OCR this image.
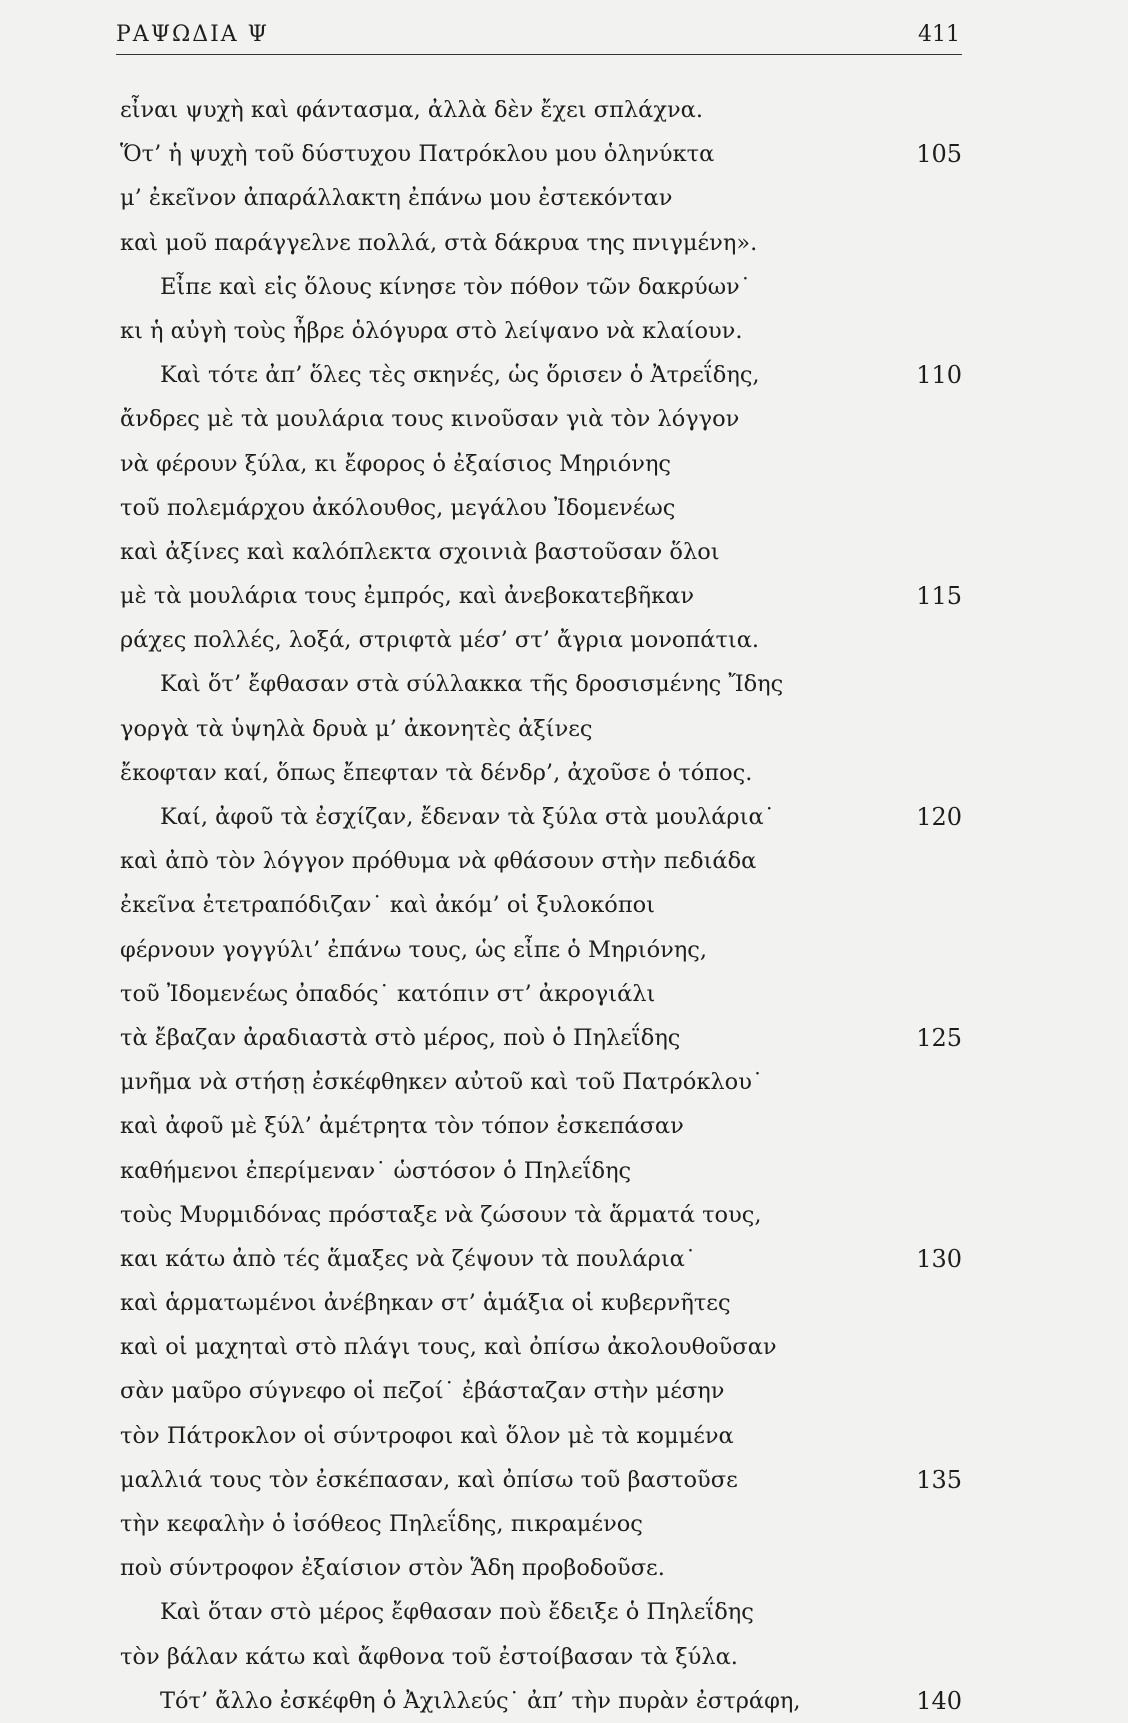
ΡΑΨΩΔΙΑ Ψ	411
εἶναι ψυχὴ καὶ φάντασμα, ἀλλὰ δὲν ἔχει σπλάχνα.
Ὅτ’ ἡ ψυχὴ τοῦ δύστυχου Πατρόκλου μου ὁληνύκτα	105
μ’ ἐκεῖνον ἀπαράλλακτη ἐπάνω μου ἐστεκόνταν
καὶ μοῦ παράγγελνε πολλά, στὰ δάκρυα της πνιγμένη».
Εἶπε καὶ εἰς ὅλους κίνησε τὸν πόθον τῶν δακρύων˙
κι ἡ αὐγὴ τοὺς ἦβρε ὁλόγυρα στὸ λείψανο νὰ κλαίουν.
Καὶ τότε ἀπ’ ὅλες τὲς σκηνές, ὡς ὅρισεν ὁ Ἀτρεΐδης,	110
ἄνδρες μὲ τὰ μουλάρια τους κινοῦσαν γιὰ τὸν λόγγον
νὰ φέρουν ξύλα, κι ἔφορος ὁ ἐξαίσιος Μηριόνης
τοῦ πολεμάρχου ἀκόλουθος, μεγάλου Ἰδομενέως
καὶ ἀξίνες καὶ καλόπλεκτα σχοινιὰ βαστοῦσαν ὅλοι
μὲ τὰ μουλάρια τους ἐμπρός, καὶ ἀνεβοκατεβῆκαν	115
ράχες πολλές, λοξά, στριφτὰ μέσ’ στ’ ἄγρια μονοπάτια.
Καὶ ὅτ’ ἔφθασαν στὰ σύλλακκα τῆς δροσισμένης Ἴδης
γοργὰ τὰ ὑψηλὰ δρυὰ μ’ ἀκονητὲς ἀξίνες
ἔκοφταν καί, ὅπως ἔπεφταν τὰ δένδρ’, ἀχοῦσε ὁ τόπος.
Καί, ἀφοῦ τὰ ἐσχίζαν, ἔδεναν τὰ ξύλα στὰ μουλάρια˙	120
καὶ ἀπὸ τὸν λόγγον πρόθυμα νὰ φθάσουν στὴν πεδιάδα
ἐκεῖνα ἐτετραπόδιζαν˙ καὶ ἀκόμ’ οἱ ξυλοκόποι
φέρνουν γογγύλι’ ἐπάνω τους, ὡς εἶπε ὁ Μηριόνης,
τοῦ Ἰδομενέως ὀπαδός˙ κατόπιν στ’ ἀκρογιάλι
τὰ ἔβαζαν ἀραδιαστὰ στὸ μέρος, ποὺ ὁ Πηλεΐδης	125
μνῆμα νὰ στήσῃ ἐσκέφθηκεν αὐτοῦ καὶ τοῦ Πατρόκλου˙
καὶ ἀφοῦ μὲ ξύλ’ ἀμέτρητα τὸν τόπον ἐσκεπάσαν
καθήμενοι ἐπερίμεναν˙ ὡστόσον ὁ Πηλεΐδης
τοὺς Μυρμιδόνας πρόσταξε νὰ ζώσουν τὰ ἅρματά τους,
και κάτω ἀπὸ τές ἅμαξες νὰ ζέψουν τὰ πουλάρια˙	130
καὶ ἁρματωμένοι ἀνέβηκαν στ’ ἁμάξια οἱ κυβερνῆτες
καὶ οἱ μαχηταὶ στὸ πλάγι τους, καὶ ὀπίσω ἀκολουθοῦσαν
σὰν μαῦρο σύγνεφο οἱ πεζοί˙ ἐβάσταζαν στὴν μέσην
τὸν Πάτροκλον οἱ σύντροφοι καὶ ὅλον μὲ τὰ κομμένα
μαλλιά τους τὸν ἐσκέπασαν, καὶ ὀπίσω τοῦ βαστοῦσε	135
τὴν κεφαλὴν ὁ ἰσόθεος Πηλεΐδης, πικραμένος
ποὺ σύντροφον ἐξαίσιον στὸν Ἅδη προβοδοῦσε.
Καὶ ὅταν στὸ μέρος ἔφθασαν ποὺ ἔδειξε ὁ Πηλεΐδης
τὸν βάλαν κάτω καὶ ἄφθονα τοῦ ἐστοίβασαν τὰ ξύλα.
Τότ’ ἄλλο ἐσκέφθη ὁ Ἀχιλλεύς˙ ἀπ’ τὴν πυρὰν ἐστράφη,	140
